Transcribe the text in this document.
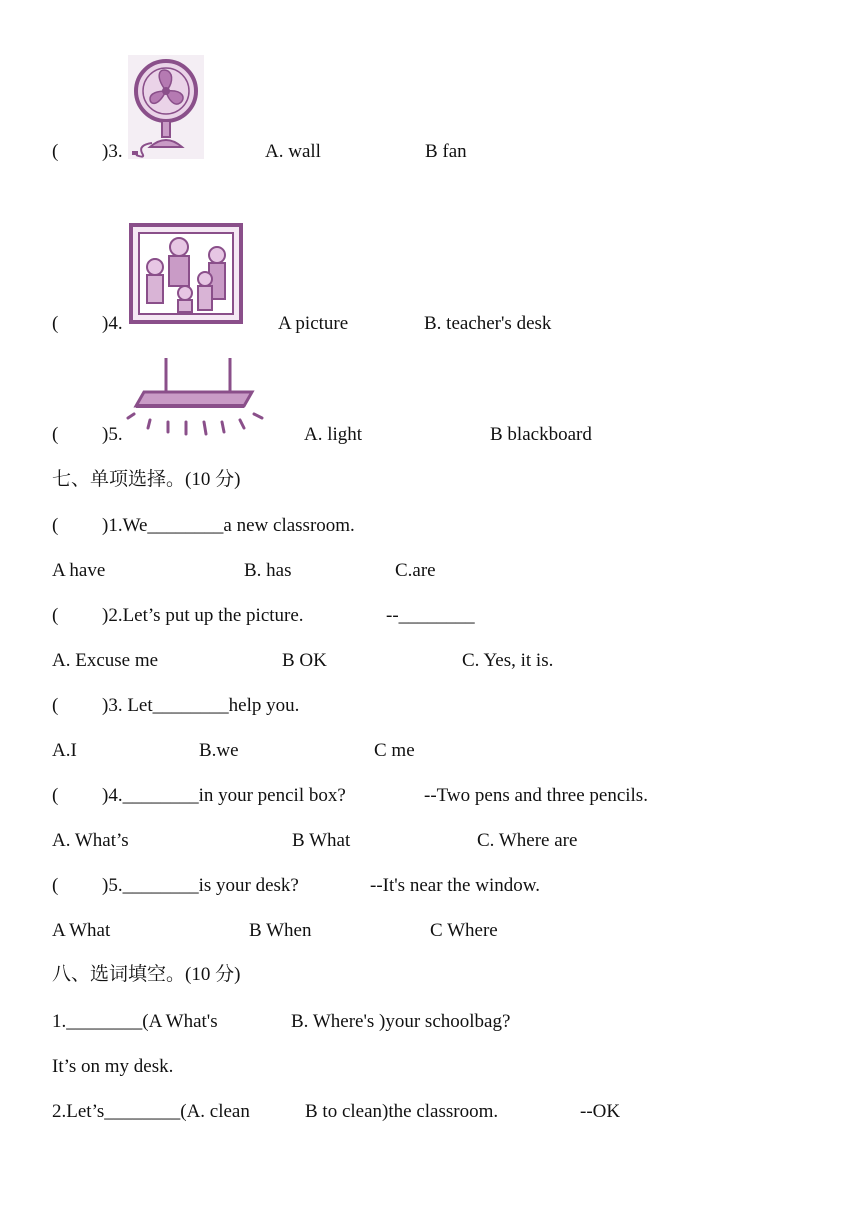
( )3.	A. wall	B fan
( )4.	A picture	B. teacher's desk
( )5.	A. light	B blackboard
七、单项选择。(10 分)
( )1.We________a new classroom.
A have	B. has	C.are
( )2.Let’s put up the picture.	--________
A. Excuse me	B OK	C. Yes, it is.
( )3. Let________help you.
A.I	B.we	C me
( )4.________in your pencil box?	--Two pens and three pencils.
A. What’s	B What	C. Where are
( )5.________is your desk?	--It's near the window.
A What	B When	C Where
八、选词填空。(10 分)
1.________(A What's	B. Where's )your schoolbag?
It’s on my desk.
2.Let’s________(A. clean	B to clean)the classroom.	--OK
